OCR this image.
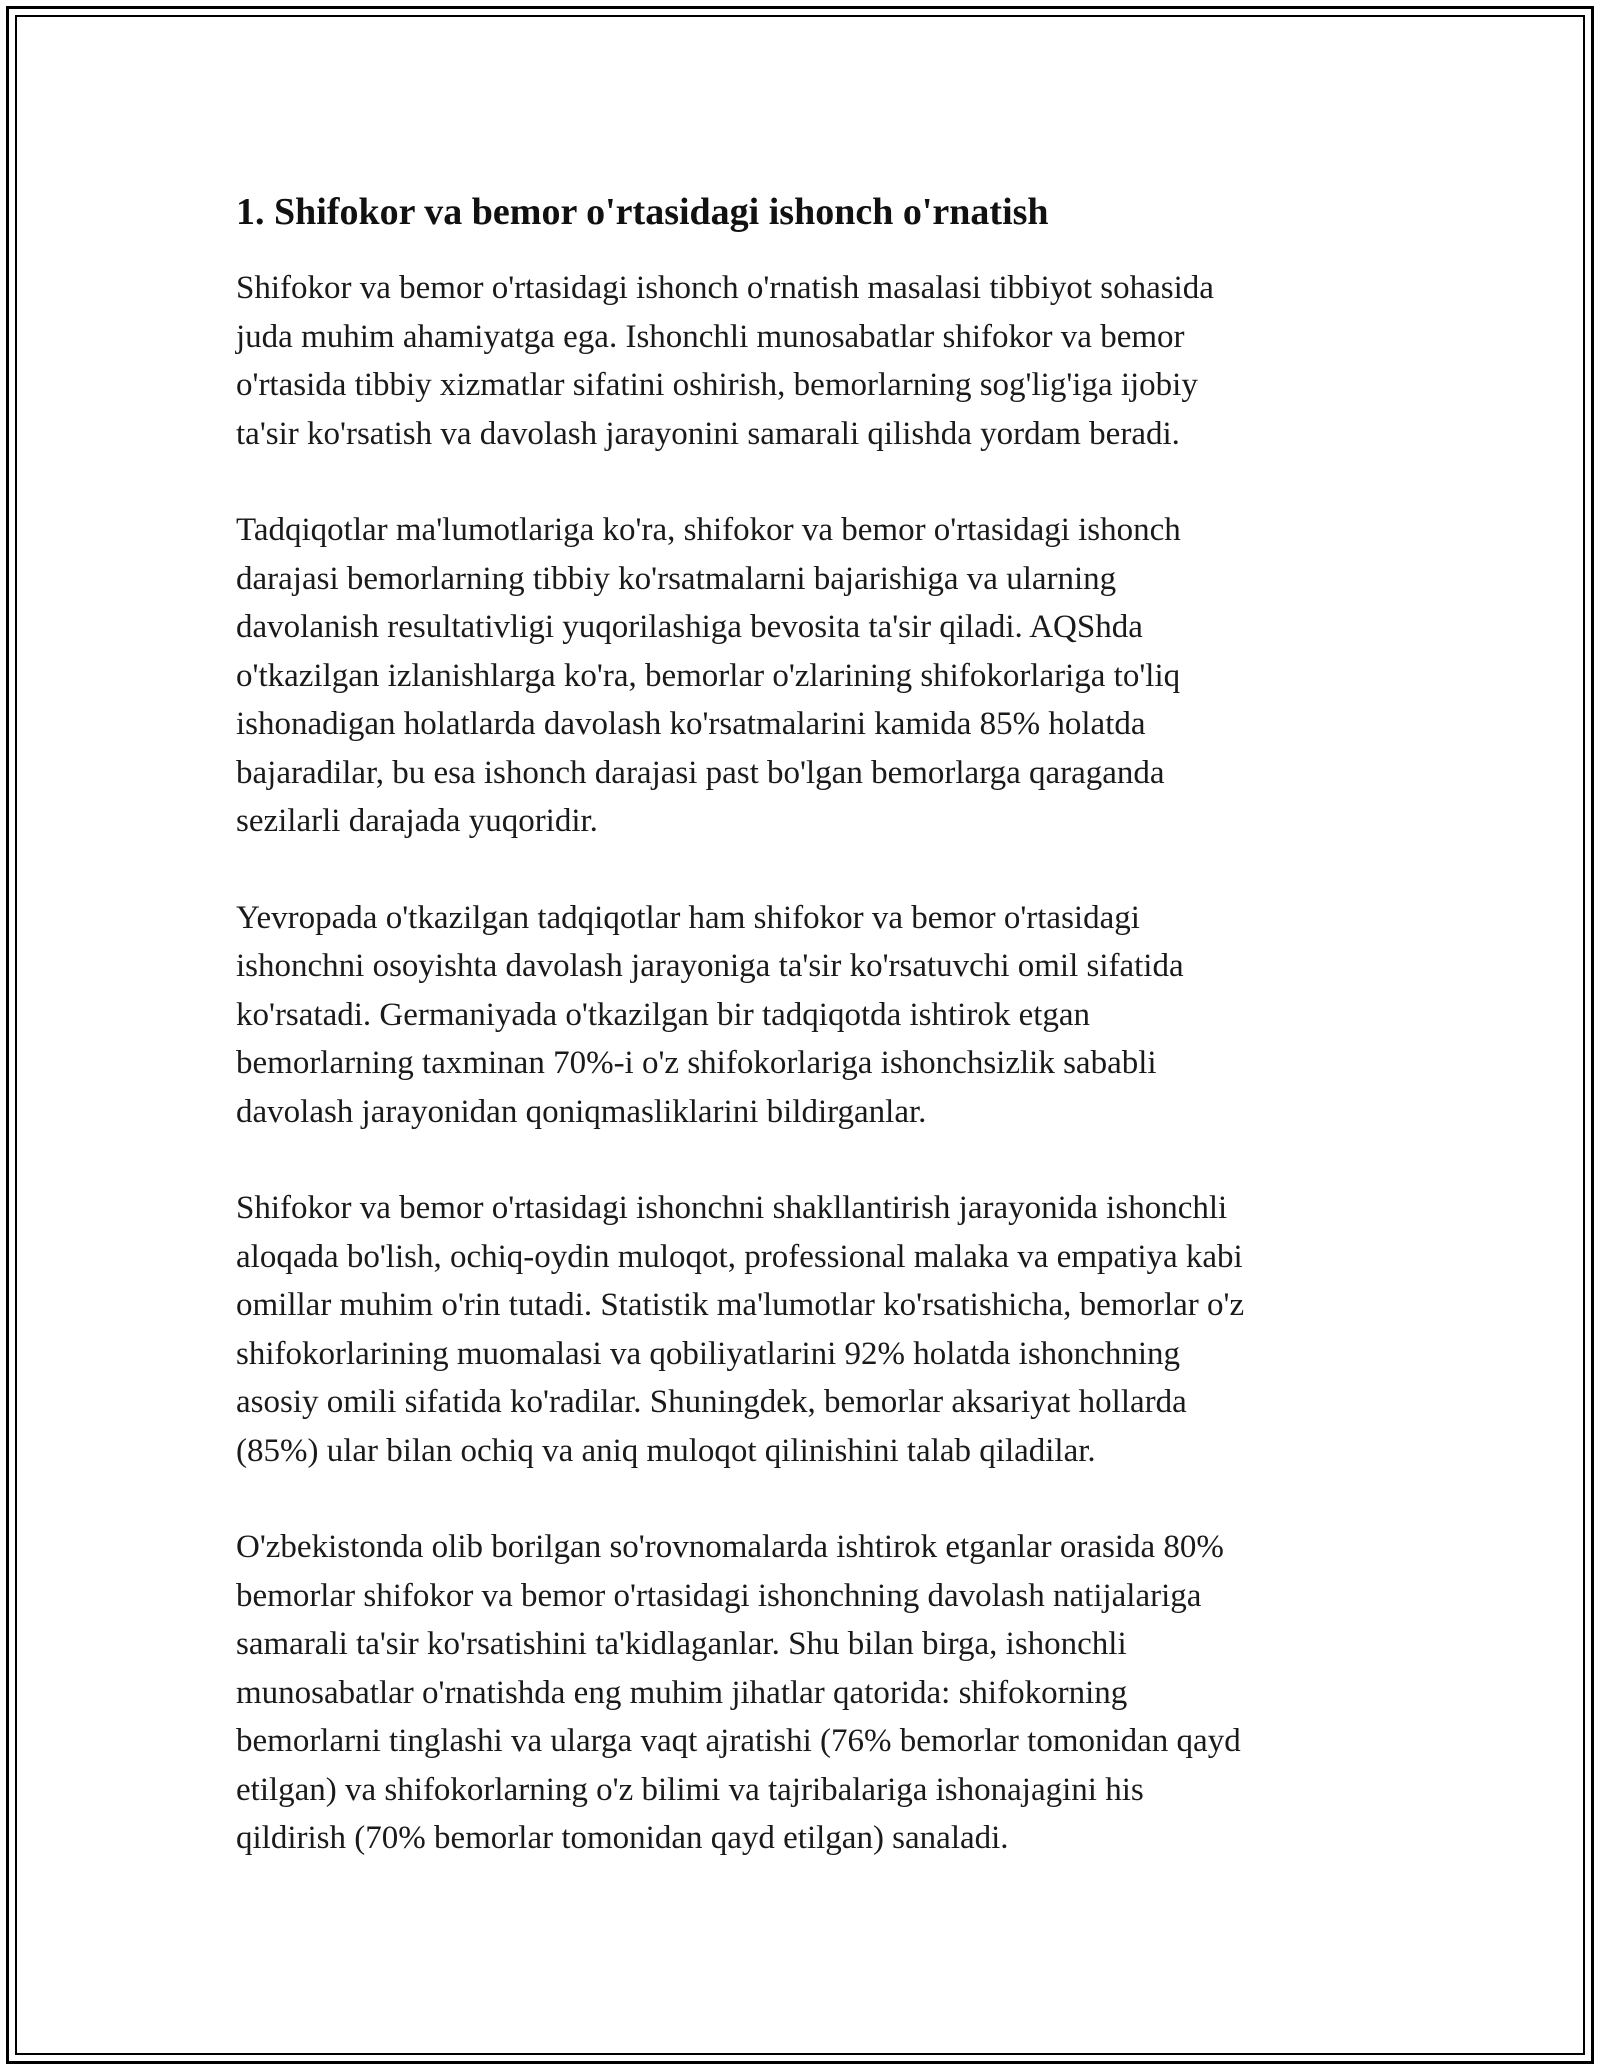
1. Shifokor va bemor o'rtasidagi ishonch o'rnatish

Shifokor va bemor o'rtasidagi ishonch o'rnatish masalasi tibbiyot sohasida
juda muhim ahamiyatga ega. Ishonchli munosabatlar shifokor va bemor
o'rtasida tibbiy xizmatlar sifatini oshirish, bemorlarning sog'lig'iga ijobiy
ta'sir ko'rsatish va davolash jarayonini samarali qilishda yordam beradi.

Tadqiqotlar ma'lumotlariga ko'ra, shifokor va bemor o'rtasidagi ishonch
darajasi bemorlarning tibbiy ko'rsatmalarni bajarishiga va ularning
davolanish resultativligi yuqorilashiga bevosita ta'sir qiladi. AQShda
o'tkazilgan izlanishlarga ko'ra, bemorlar o'zlarining shifokorlariga to'liq
ishonadigan holatlarda davolash ko'rsatmalarini kamida 85% holatda
bajaradilar, bu esa ishonch darajasi past bo'lgan bemorlarga qaraganda
sezilarli darajada yuqoridir.

Yevropada o'tkazilgan tadqiqotlar ham shifokor va bemor o'rtasidagi
ishonchni osoyishta davolash jarayoniga ta'sir ko'rsatuvchi omil sifatida
ko'rsatadi. Germaniyada o'tkazilgan bir tadqiqotda ishtirok etgan
bemorlarning taxminan 70%-i o'z shifokorlariga ishonchsizlik sababli
davolash jarayonidan qoniqmasliklarini bildirganlar.

Shifokor va bemor o'rtasidagi ishonchni shakllantirish jarayonida ishonchli
aloqada bo'lish, ochiq-oydin muloqot, professional malaka va empatiya kabi
omillar muhim o'rin tutadi. Statistik ma'lumotlar ko'rsatishicha, bemorlar o'z
shifokorlarining muomalasi va qobiliyatlarini 92% holatda ishonchning
asosiy omili sifatida ko'radilar. Shuningdek, bemorlar aksariyat hollarda
(85%) ular bilan ochiq va aniq muloqot qilinishini talab qiladilar.

O'zbekistonda olib borilgan so'rovnomalarda ishtirok etganlar orasida 80%
bemorlar shifokor va bemor o'rtasidagi ishonchning davolash natijalariga
samarali ta'sir ko'rsatishini ta'kidlaganlar. Shu bilan birga, ishonchli
munosabatlar o'rnatishda eng muhim jihatlar qatorida: shifokorning
bemorlarni tinglashi va ularga vaqt ajratishi (76% bemorlar tomonidan qayd
etilgan) va shifokorlarning o'z bilimi va tajribalariga ishonajagini his
qildirish (70% bemorlar tomonidan qayd etilgan) sanaladi.
